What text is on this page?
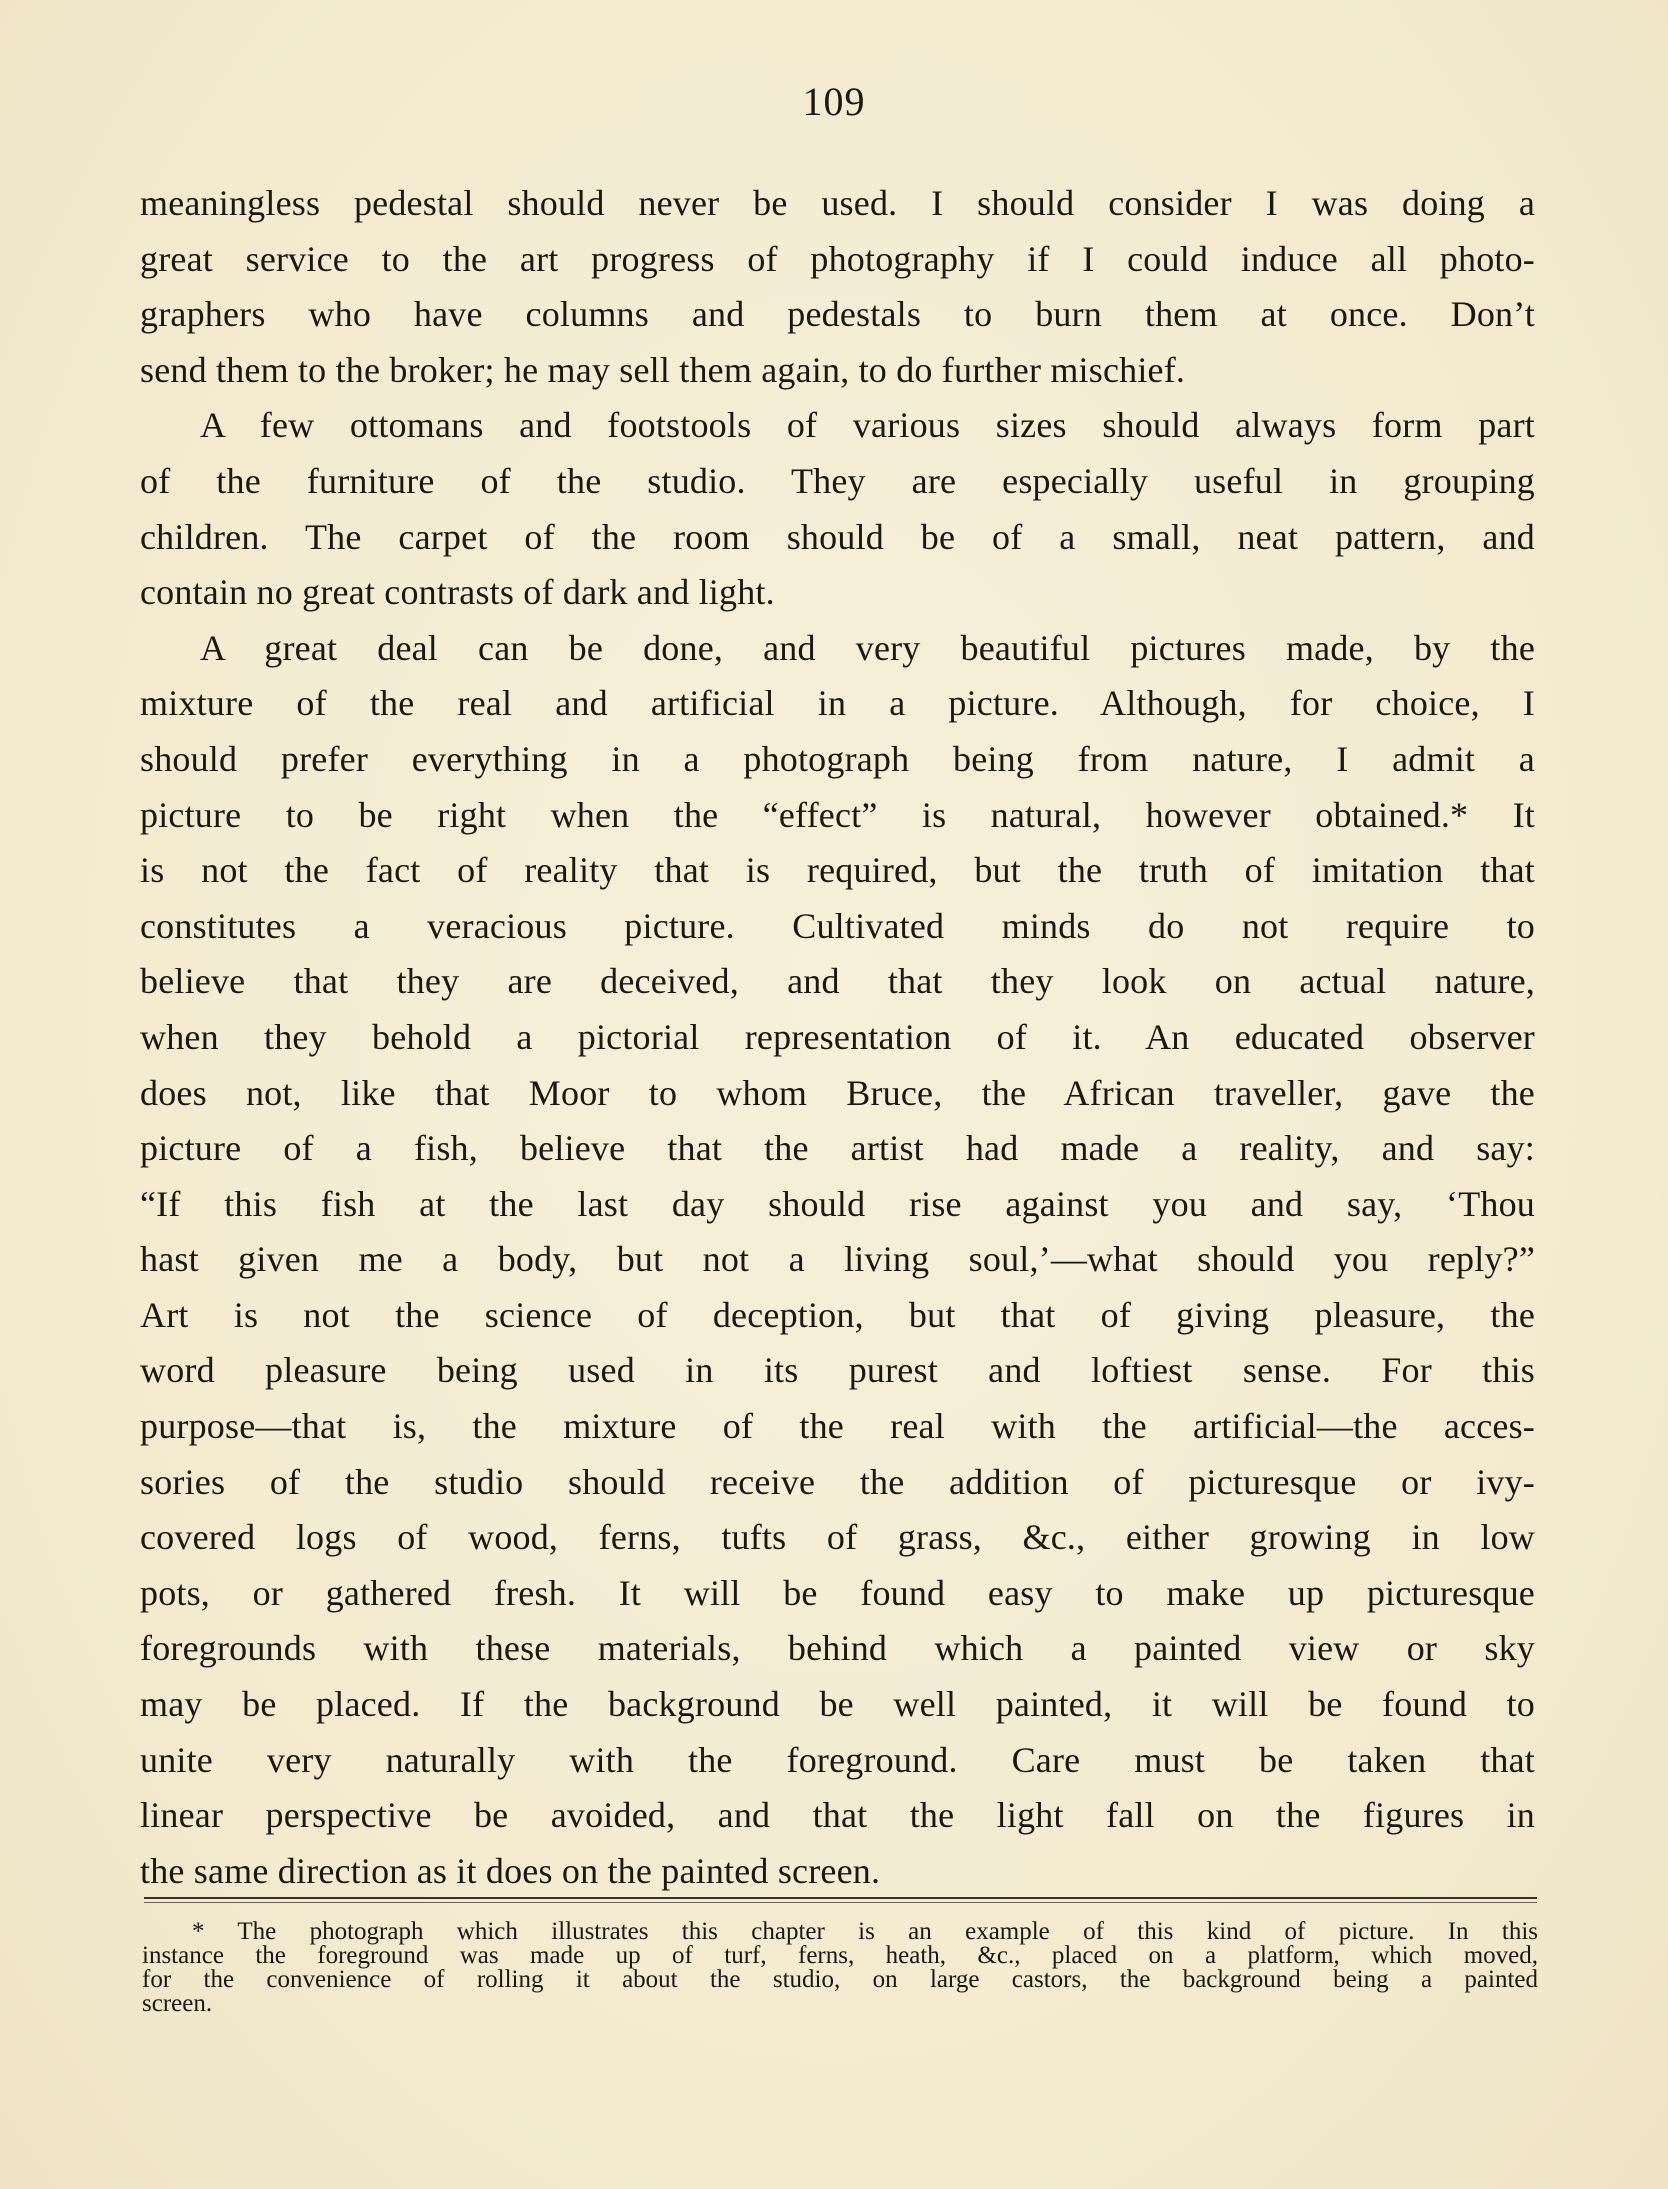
109
meaningless pedestal should never be used. I should consider I was doing a
great service to the art progress of photography if I could induce all photo-
graphers who have columns and pedestals to burn them at once. Don’t
send them to the broker; he may sell them again, to do further mischief.
A few ottomans and footstools of various sizes should always form part
of the furniture of the studio. They are especially useful in grouping
children. The carpet of the room should be of a small, neat pattern, and
contain no great contrasts of dark and light.
A great deal can be done, and very beautiful pictures made, by the
mixture of the real and artificial in a picture. Although, for choice, I
should prefer everything in a photograph being from nature, I admit a
picture to be right when the “effect” is natural, however obtained.* It
is not the fact of reality that is required, but the truth of imitation that
constitutes a veracious picture. Cultivated minds do not require to
believe that they are deceived, and that they look on actual nature,
when they behold a pictorial representation of it. An educated observer
does not, like that Moor to whom Bruce, the African traveller, gave the
picture of a fish, believe that the artist had made a reality, and say:
“If this fish at the last day should rise against you and say, ‘Thou
hast given me a body, but not a living soul,’—what should you reply?”
Art is not the science of deception, but that of giving pleasure, the
word pleasure being used in its purest and loftiest sense. For this
purpose—that is, the mixture of the real with the artificial—the acces-
sories of the studio should receive the addition of picturesque or ivy-
covered logs of wood, ferns, tufts of grass, &c., either growing in low
pots, or gathered fresh. It will be found easy to make up picturesque
foregrounds with these materials, behind which a painted view or sky
may be placed. If the background be well painted, it will be found to
unite very naturally with the foreground. Care must be taken that
linear perspective be avoided, and that the light fall on the figures in
the same direction as it does on the painted screen.
* The photograph which illustrates this chapter is an example of this kind of picture. In this
instance the foreground was made up of turf, ferns, heath, &c., placed on a platform, which moved,
for the convenience of rolling it about the studio, on large castors, the background being a painted
screen.
